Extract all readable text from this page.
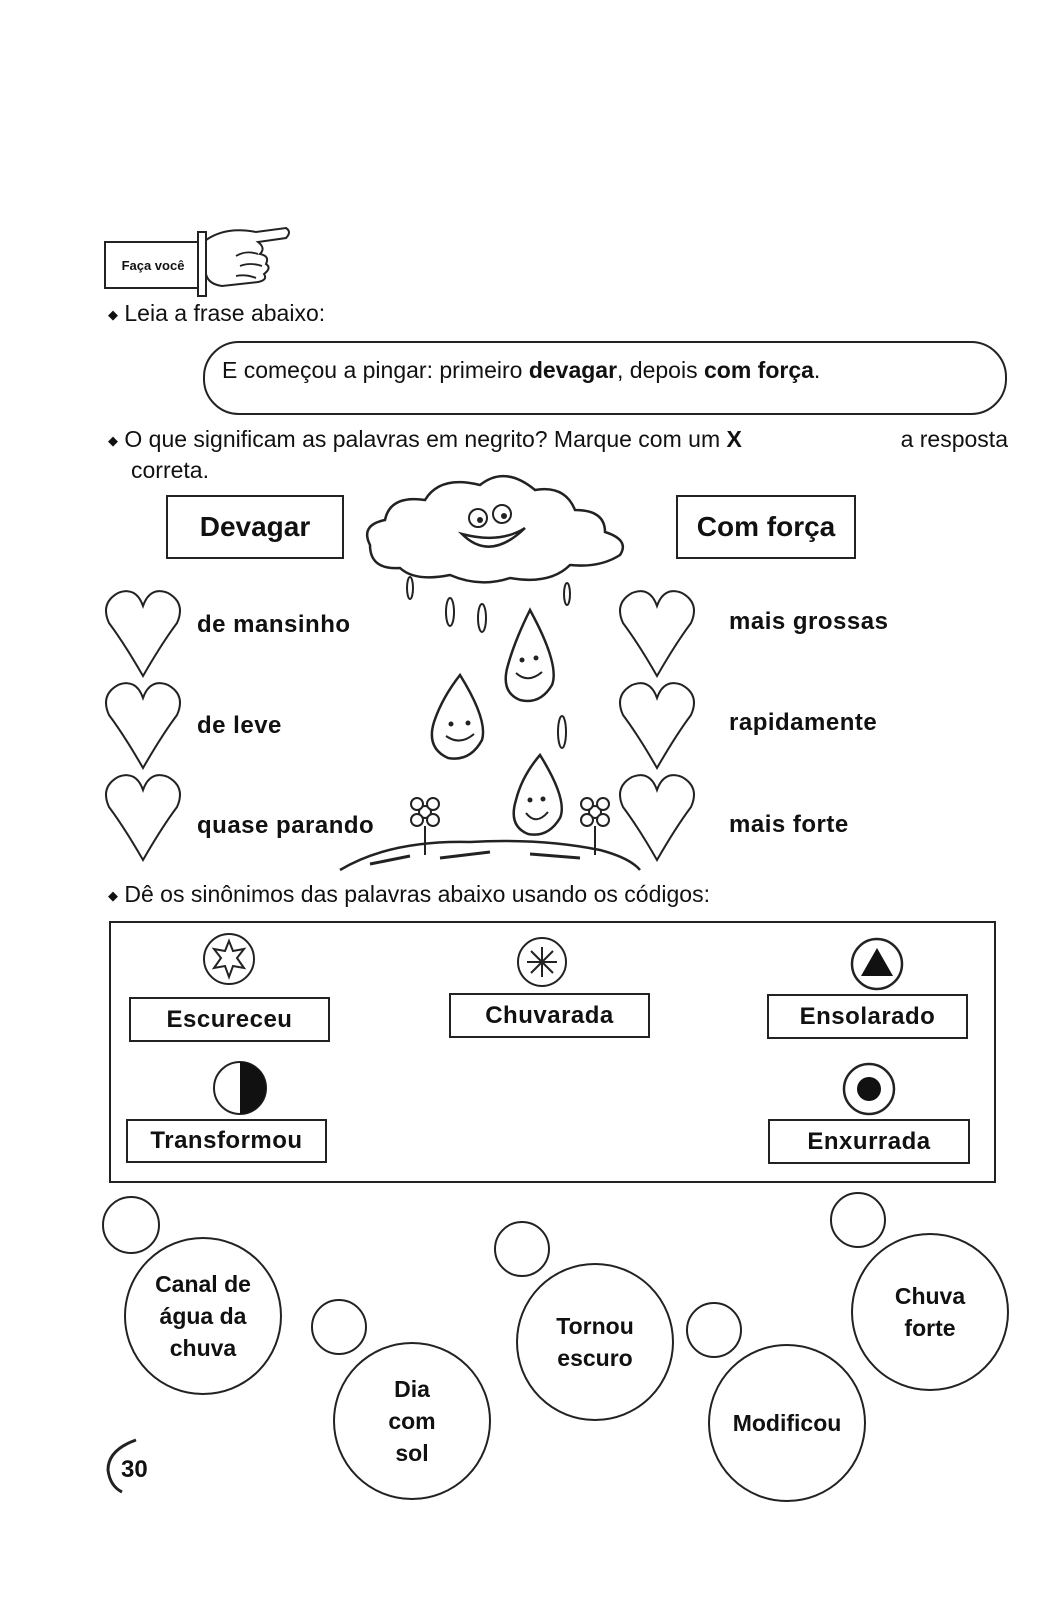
Faça você
◆ Leia a frase abaixo:
E começou a pingar: primeiro devagar, depois com força.
◆ O que significam as palavras em negrito? Marque com um X	a resposta
correta.
Devagar	Com força
de mansinho
de leve
quase parando
mais grossas
rapidamente
mais forte
◆ Dê os sinônimos das palavras abaixo usando os códigos:
Escureceu	Chuvarada	Ensolarado
Transformou	Enxurrada
Canal de
água da
chuva
Dia
com
sol
Tornou
escuro
Modificou
Chuva
forte
30
